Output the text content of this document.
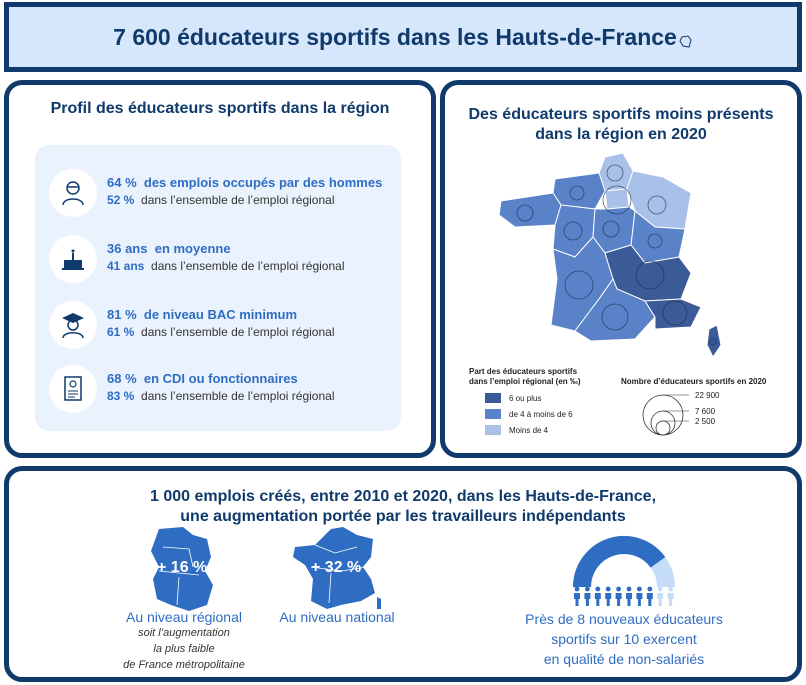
7 600 éducateurs sportifs dans les Hauts-de-France
Profil des éducateurs sportifs dans la région
64 % des emplois occupés par des hommes
52 % dans l’ensemble de l’emploi régional
36 ans en moyenne
41 ans dans l’ensemble de l’emploi régional
81 % de niveau BAC minimum
61 % dans l’ensemble de l’emploi régional
68 % en CDI ou fonctionnaires
83 % dans l’ensemble de l’emploi régional
Des éducateurs sportifs moins présents
dans la région en 2020
Part des éducateurs sportifs
dans l’emploi régional (en ‰)
6 ou plus
de 4 à moins de 6
Moins de 4
Nombre d’éducateurs sportifs en 2020
22 900
7 600
2 500
1 000 emplois créés, entre 2010 et 2020, dans les Hauts-de-France,
une augmentation portée par les travailleurs indépendants
+ 16 %
Au niveau régional
soit l’augmentation
la plus faible
de France métropolitaine
+ 32 %
Au niveau national	Près de 8 nouveaux éducateurs
sportifs sur 10 exercent
en qualité de non-salariés
